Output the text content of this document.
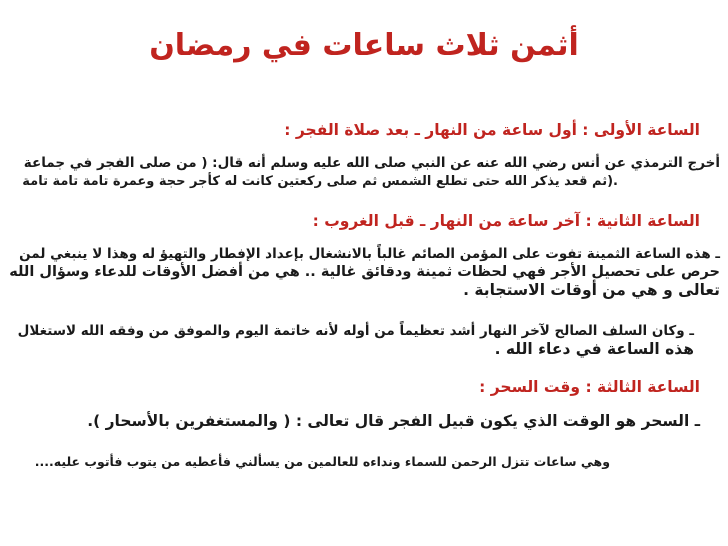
أثمن ثلاث ساعات في رمضان
الساعة الأولى : أول ساعة من النهار ـ بعد صلاة الفجر :
أخرج الترمذي عن أنس رضي الله عنه عن النبي صلى الله عليه وسلم أنه قال: ( من صلى الفجر في جماعة
.(ثم قعد يذكر الله حتى تطلع الشمس ثم صلى ركعتين كانت له كأجر حجة وعمرة تامة تامة تامة
الساعة الثانية : آخر ساعة من النهار ـ قبل الغروب :
ـ هذه الساعة الثمينة تفوت على المؤمن الصائم غالباً بالانشغال بإعداد الإفطار والتهيؤ له وهذا لا ينبغي لمن
حرص على تحصيل الأجر فهي لحظات ثمينة ودقائق غالية .. هي من أفضل الأوقات للدعاء وسؤال الله
تعالى و هي من أوقات الاستجابة .
ـ وكان السلف الصالح لآخر النهار أشد تعظيماً من أوله لأنه خاتمة اليوم والموفق من وفقه الله لاستغلال
هذه الساعة في دعاء الله .
الساعة الثالثة : وقت السحر :
ـ السحر هو الوقت الذي يكون قبيل الفجر قال تعالى : ( والمستغفرين بالأسحار ).
وهي ساعات تتزل الرحمن للسماء ونداءه للعالمين من يسألني فأعطيه من يتوب فأتوب عليه....
